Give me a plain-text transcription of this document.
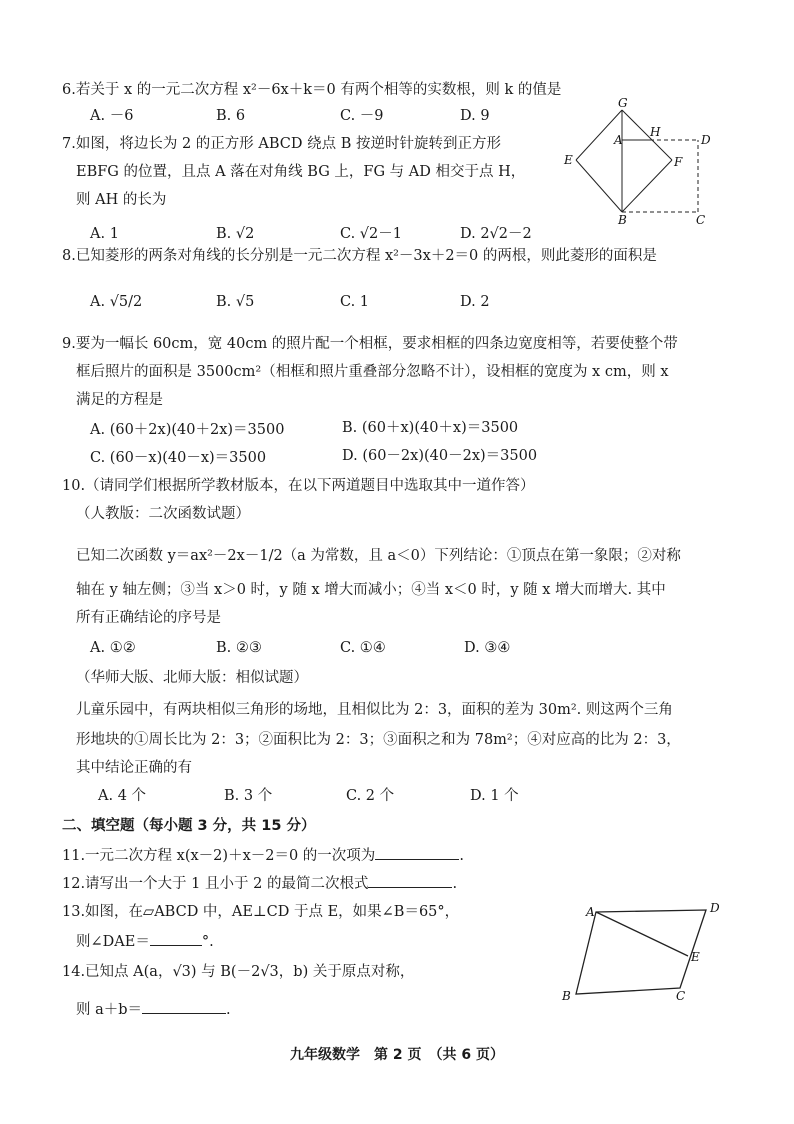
6.若关于 x 的一元二次方程 x²－6x＋k＝0 有两个相等的实数根，则 k 的值是
A. －6	B. 6	C. －9	D. 9
7.如图，将边长为 2 的正方形 ABCD 绕点 B 按逆时针旋转到正方形
EBFG 的位置，且点 A 落在对角线 BG 上，FG 与 AD 相交于点 H，
则 AH 的长为
A. 1	B. √2	C. √2－1	D. 2√2－2
G
A
H
D
E	F
B	C
8.已知菱形的两条对角线的长分别是一元二次方程 x²－3x＋2＝0 的两根，则此菱形的面积是
A. √5/2	B. √5	C. 1	D. 2
9.要为一幅长 60cm，宽 40cm 的照片配一个相框，要求相框的四条边宽度相等，若要使整个带
框后照片的面积是 3500cm²（相框和照片重叠部分忽略不计），设相框的宽度为 x cm，则 x
满足的方程是
A. (60＋2x)(40＋2x)＝3500	B. (60＋x)(40＋x)＝3500
C. (60－x)(40－x)＝3500	D. (60－2x)(40－2x)＝3500
10.（请同学们根据所学教材版本，在以下两道题目中选取其中一道作答）
（人教版：二次函数试题）
已知二次函数 y＝ax²－2x－1/2（a 为常数，且 a＜0）下列结论：①顶点在第一象限；②对称
轴在 y 轴左侧；③当 x＞0 时，y 随 x 增大而减小；④当 x＜0 时，y 随 x 增大而增大. 其中
所有正确结论的序号是
A. ①②	B. ②③	C. ①④	D. ③④
（华师大版、北师大版：相似试题）
儿童乐园中，有两块相似三角形的场地，且相似比为 2：3，面积的差为 30m². 则这两个三角
形地块的①周长比为 2：3；②面积比为 2：3；③面积之和为 78m²；④对应高的比为 2：3，
其中结论正确的有
A. 4 个	B. 3 个	C. 2 个	D. 1 个
二、填空题（每小题 3 分，共 15 分）
11.一元二次方程 x(x－2)＋x－2＝0 的一次项为	.
12.请写出一个大于 1 且小于 2 的最简二次根式	.
13.如图，在▱ABCD 中，AE⊥CD 于点 E，如果∠B＝65°，
则∠DAE＝	°.
A	D
E
B	C
14.已知点 A(a，√3) 与 B(－2√3，b) 关于原点对称，
则 a＋b＝	.
九年级数学　第 2 页　（共 6 页）
